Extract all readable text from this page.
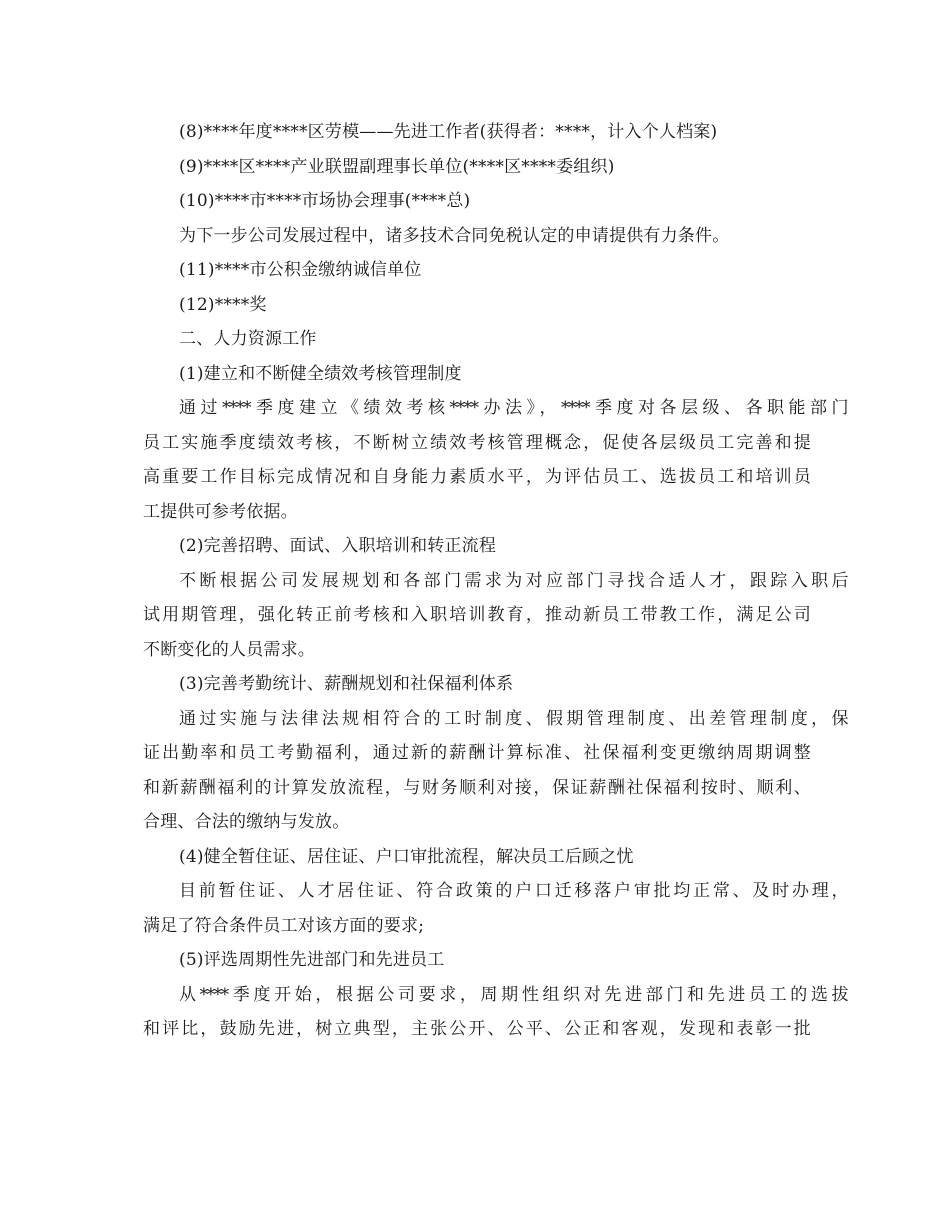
(8)****年度****区劳模——先进工作者(获得者：****，计入个人档案)
(9)****区****产业联盟副理事长单位(****区****委组织)
(10)****市****市场协会理事(****总)
为下一步公司发展过程中，诸多技术合同免税认定的申请提供有力条件。
(11)****市公积金缴纳诚信单位
(12)****奖
二、人力资源工作
(1)建立和不断健全绩效考核管理制度
通过****季度建立《绩效考核****办法》，****季度对各层级、各职能部门
员工实施季度绩效考核，不断树立绩效考核管理概念，促使各层级员工完善和提
高重要工作目标完成情况和自身能力素质水平，为评估员工、选拔员工和培训员
工提供可参考依据。
(2)完善招聘、面试、入职培训和转正流程
不断根据公司发展规划和各部门需求为对应部门寻找合适人才，跟踪入职后
试用期管理，强化转正前考核和入职培训教育，推动新员工带教工作，满足公司
不断变化的人员需求。
(3)完善考勤统计、薪酬规划和社保福利体系
通过实施与法律法规相符合的工时制度、假期管理制度、出差管理制度，保
证出勤率和员工考勤福利，通过新的薪酬计算标准、社保福利变更缴纳周期调整
和新薪酬福利的计算发放流程，与财务顺利对接，保证薪酬社保福利按时、顺利、
合理、合法的缴纳与发放。
(4)健全暂住证、居住证、户口审批流程，解决员工后顾之忧
目前暂住证、人才居住证、符合政策的户口迁移落户审批均正常、及时办理，
满足了符合条件员工对该方面的要求;
(5)评选周期性先进部门和先进员工
从****季度开始，根据公司要求，周期性组织对先进部门和先进员工的选拔
和评比，鼓励先进，树立典型，主张公开、公平、公正和客观，发现和表彰一批
